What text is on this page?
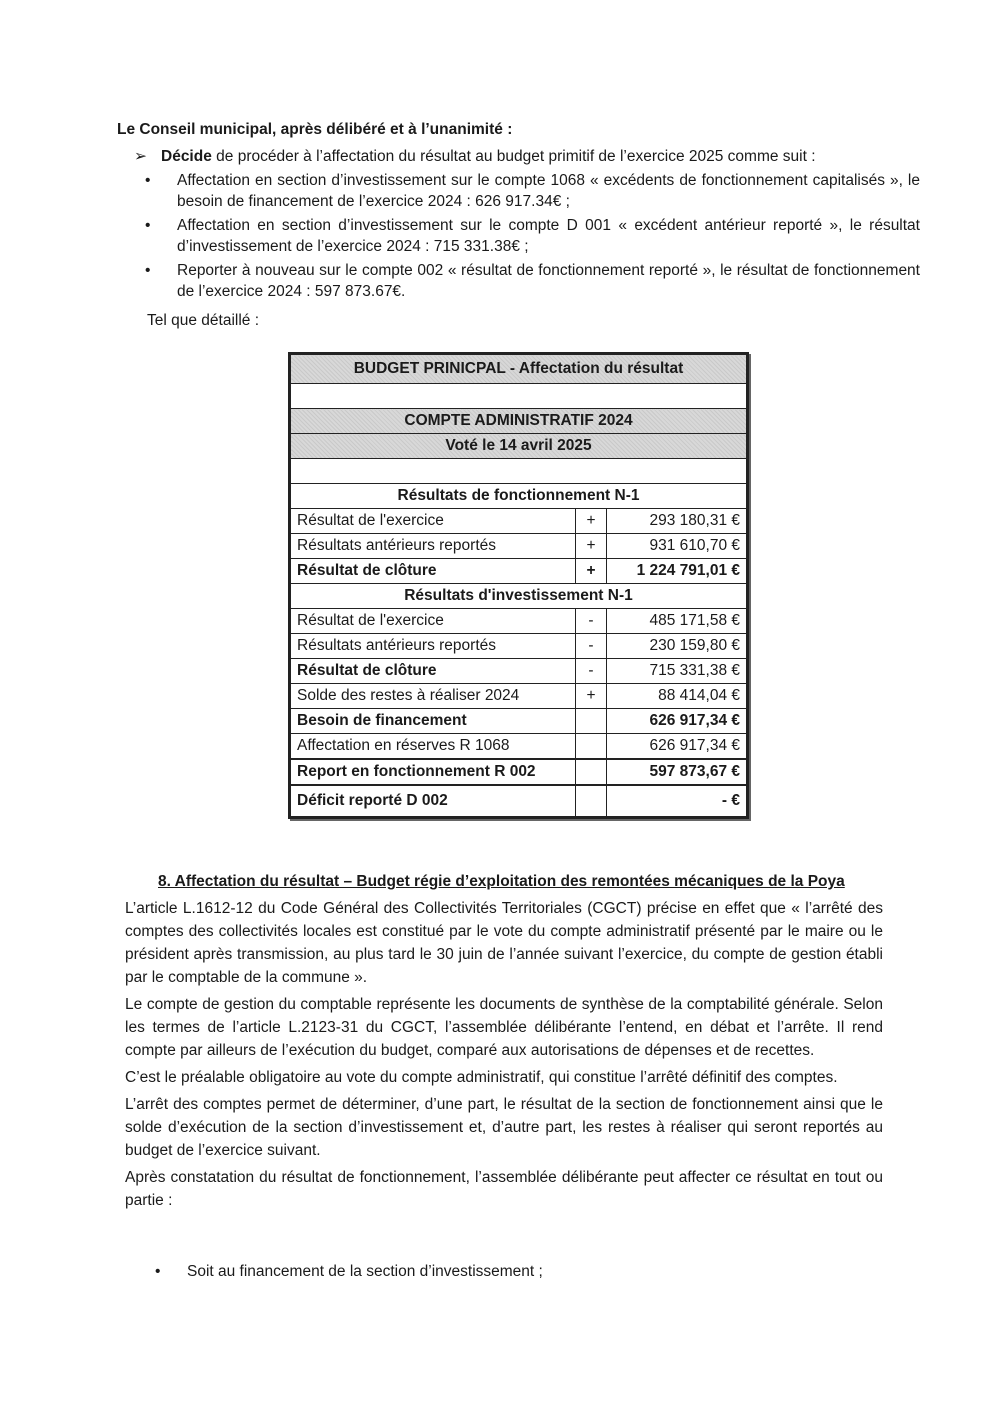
Le Conseil municipal, après délibéré et à l’unanimité :
➢ Décide de procéder à l’affectation du résultat au budget primitif de l’exercice 2025 comme suit :
• Affectation en section d’investissement sur le compte 1068 « excédents de fonctionnement capitalisés », le besoin de financement de l’exercice 2024 : 626 917.34€ ;
• Affectation en section d’investissement sur le compte D 001 « excédent antérieur reporté », le résultat d’investissement de l’exercice 2024 : 715 331.38€ ;
• Reporter à nouveau sur le compte 002 « résultat de fonctionnement reporté », le résultat de fonctionnement de l’exercice 2024 : 597 873.67€.
Tel que détaillé :
BUDGET PRINICPAL - Affectation du résultat		

COMPTE ADMINISTRATIF 2024		
Voté le 14 avril 2025		

Résultats de fonctionnement N-1		
Résultat de l'exercice	+	293 180,31 €
Résultats antérieurs reportés	+	931 610,70 €
Résultat de clôture	+	1 224 791,01 €
Résultats d'investissement N-1		
Résultat de l'exercice	-	485 171,58 €
Résultats antérieurs reportés	-	230 159,80 €
Résultat de clôture	-	715 331,38 €
Solde des restes à réaliser 2024	+	88 414,04 €
Besoin de financement		626 917,34 €
Affectation en réserves R 1068		626 917,34 €
Report en fonctionnement R 002		597 873,67 €
Déficit reporté D 002		- €
8. Affectation du résultat – Budget régie d’exploitation des remontées mécaniques de la Poya

L’article L.1612-12 du Code Général des Collectivités Territoriales (CGCT) précise en effet que « l’arrêté des comptes des collectivités locales est constitué par le vote du compte administratif présenté par le maire ou le président après transmission, au plus tard le 30 juin de l’année suivant l’exercice, du compte de gestion établi par le comptable de la commune ».

Le compte de gestion du comptable représente les documents de synthèse de la comptabilité générale. Selon les termes de l’article L.2123-31 du CGCT, l’assemblée délibérante l’entend, en débat et l’arrête. Il rend compte par ailleurs de l’exécution du budget, comparé aux autorisations de dépenses et de recettes.

C’est le préalable obligatoire au vote du compte administratif, qui constitue l’arrêté définitif des comptes.

L’arrêt des comptes permet de déterminer, d’une part, le résultat de la section de fonctionnement ainsi que le solde d’exécution de la section d’investissement et, d’autre part, les restes à réaliser qui seront reportés au budget de l’exercice suivant.

Après constatation du résultat de fonctionnement, l’assemblée délibérante peut affecter ce résultat en tout ou partie :

• Soit au financement de la section d’investissement ;
